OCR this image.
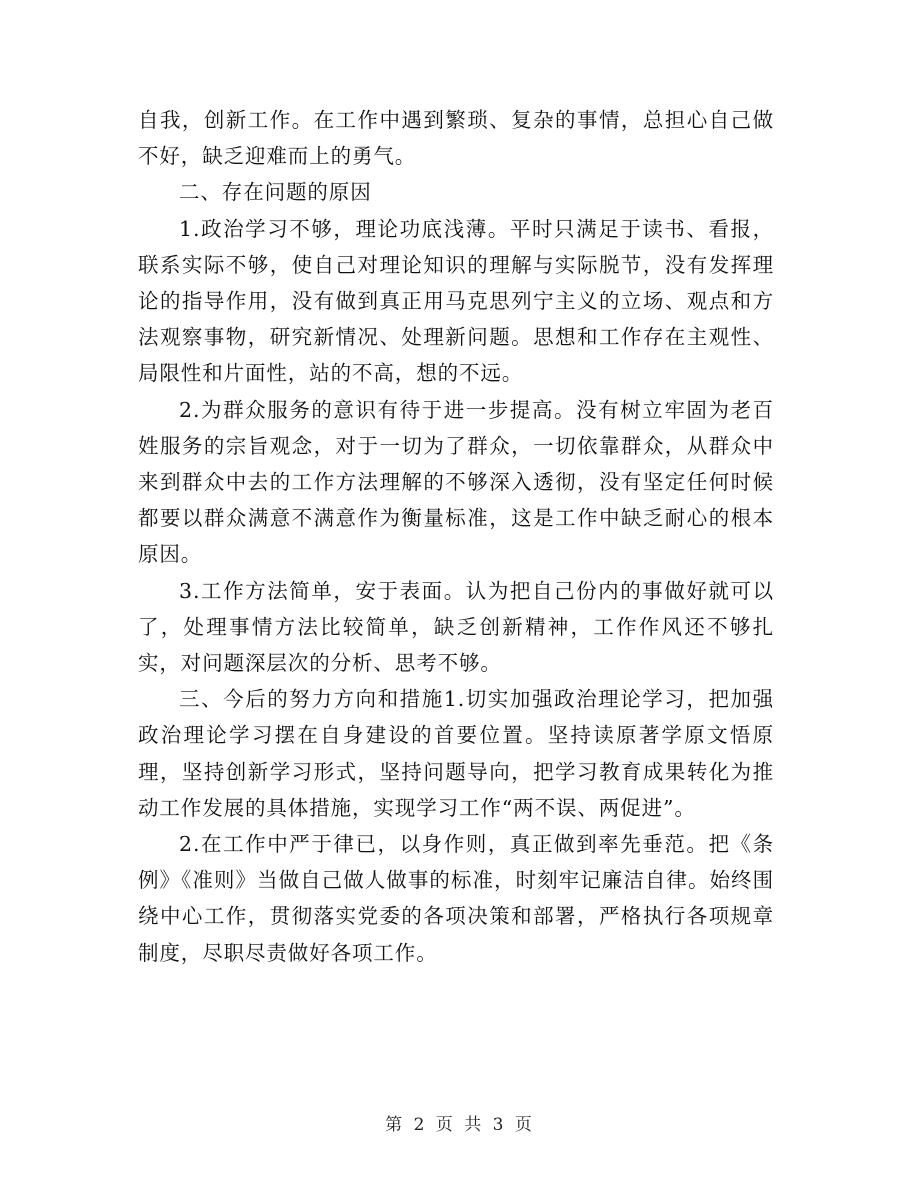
自我，创新工作。在工作中遇到繁琐、复杂的事情，总担心自己做不好，缺乏迎难而上的勇气。

二、存在问题的原因

1.政治学习不够，理论功底浅薄。平时只满足于读书、看报，联系实际不够，使自己对理论知识的理解与实际脱节，没有发挥理论的指导作用，没有做到真正用马克思列宁主义的立场、观点和方法观察事物，研究新情况、处理新问题。思想和工作存在主观性、局限性和片面性，站的不高，想的不远。

2.为群众服务的意识有待于进一步提高。没有树立牢固为老百姓服务的宗旨观念，对于一切为了群众，一切依靠群众，从群众中来到群众中去的工作方法理解的不够深入透彻，没有坚定任何时候都要以群众满意不满意作为衡量标准，这是工作中缺乏耐心的根本原因。

3.工作方法简单，安于表面。认为把自己份内的事做好就可以了，处理事情方法比较简单，缺乏创新精神，工作作风还不够扎实，对问题深层次的分析、思考不够。

三、今后的努力方向和措施1.切实加强政治理论学习，把加强政治理论学习摆在自身建设的首要位置。坚持读原著学原文悟原理，坚持创新学习形式，坚持问题导向，把学习教育成果转化为推动工作发展的具体措施，实现学习工作“两不误、两促进”。

2.在工作中严于律已，以身作则，真正做到率先垂范。把《条例》《准则》当做自己做人做事的标准，时刻牢记廉洁自律。始终围绕中心工作，贯彻落实党委的各项决策和部署，严格执行各项规章制度，尽职尽责做好各项工作。

第 2 页 共 3 页
